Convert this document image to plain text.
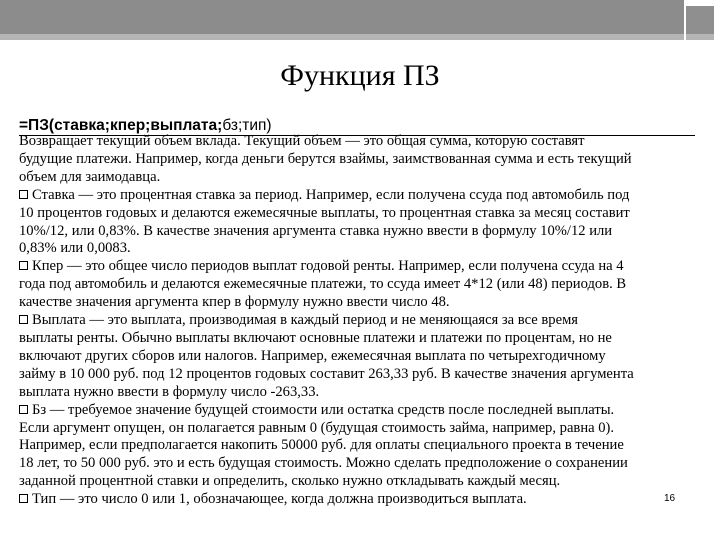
Функция ПЗ
=ПЗ(ставка;кпер;выплата;бз;тип)

Возвращает текущий объем вклада. Текущий объем — это общая сумма, которую составят

будущие платежи. Например, когда деньги берутся взаймы, заимствованная сумма и есть текущий

объем для заимодавца.

Ставка — это процентная ставка за период. Например, если получена ссуда под автомобиль под

10 процентов годовых и делаются ежемесячные выплаты, то процентная ставка за месяц составит

10%/12, или 0,83%. В качестве значения аргумента ставка нужно ввести в формулу 10%/12 или

0,83% или 0,0083.

Кпер — это общее число периодов выплат годовой ренты. Например, если получена ссуда на 4

года под автомобиль и делаются ежемесячные платежи, то ссуда имеет 4*12 (или 48) периодов. В

качестве значения аргумента кпер в формулу нужно ввести число 48.

Выплата — это выплата, производимая в каждый период и не меняющаяся за все время

выплаты ренты. Обычно выплаты включают основные платежи и платежи по процентам, но не

включают других сборов или налогов. Например, ежемесячная выплата по четырехгодичному

займу в 10 000 руб. под 12 процентов годовых составит 263,33 руб. В качестве значения аргумента

выплата нужно ввести в формулу число -263,33.

Бз — требуемое значение будущей стоимости или остатка средств после последней выплаты.

Если аргумент опущен, он полагается равным 0 (будущая стоимость займа, например, равна 0).

Например, если предполагается накопить 50000 руб. для оплаты специального проекта в течение

18 лет, то 50 000 руб. это и есть будущая стоимость. Можно сделать предположение о сохранении

заданной процентной ставки и определить, сколько нужно откладывать каждый месяц.

Тип — это число 0 или 1, обозначающее, когда должна производиться выплата.	16
